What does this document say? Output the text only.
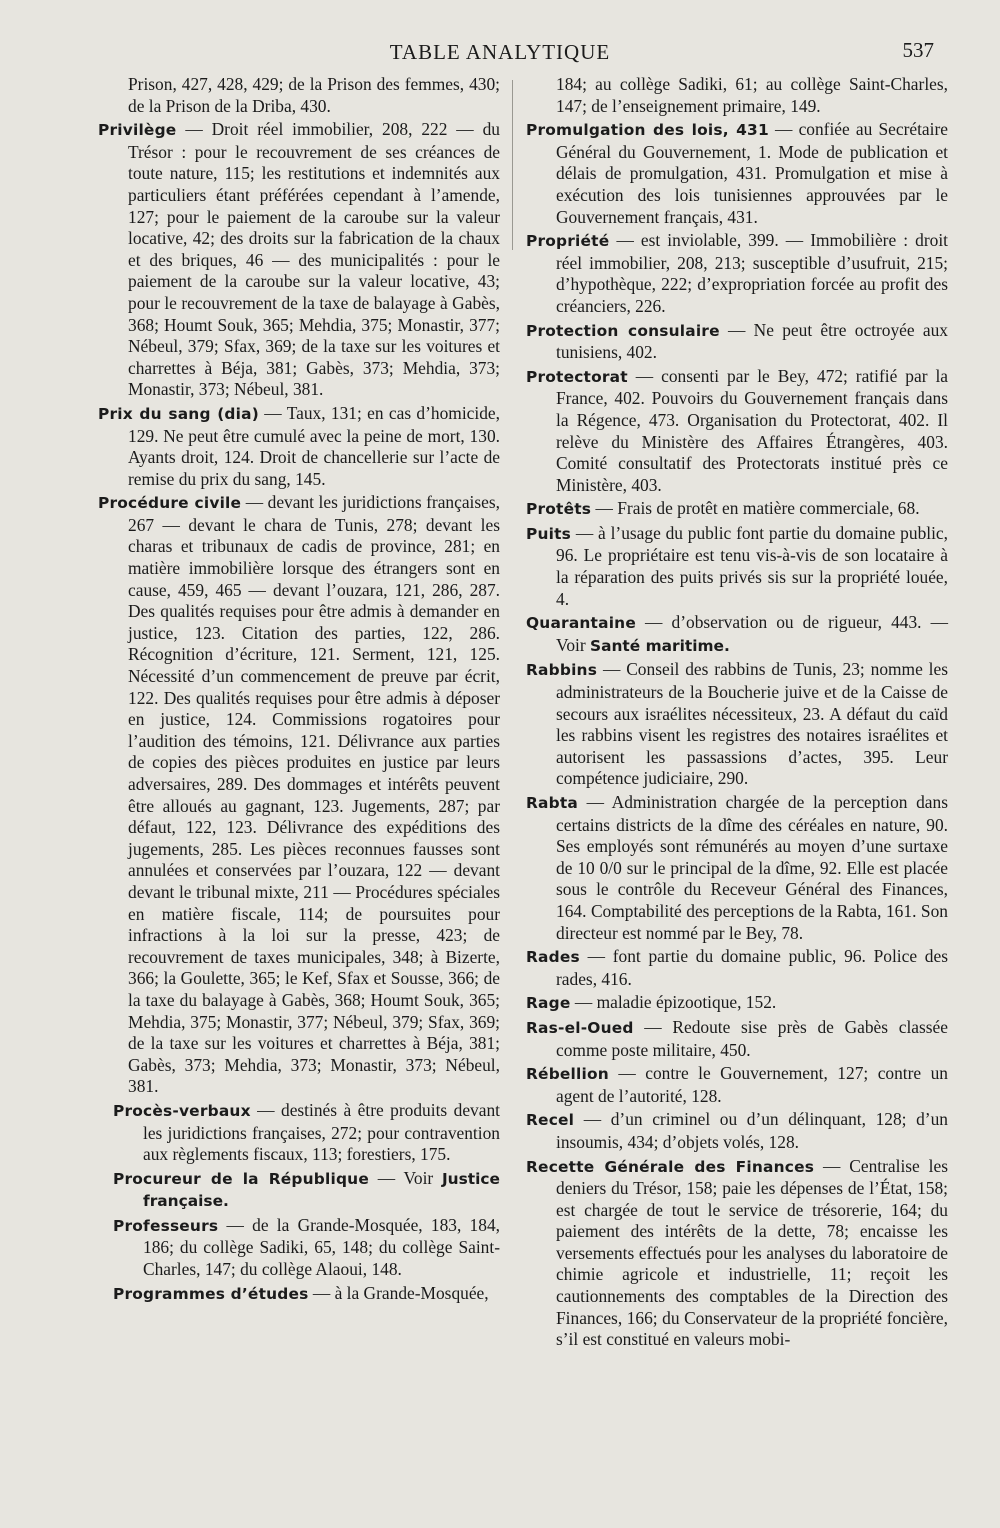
TABLE ANALYTIQUE	537

Prison, 427, 428, 429; de la Prison des femmes, 430; de la Prison de la Driba, 430.

Privilège — Droit réel immobilier, 208, 222 — du Trésor : pour le recouvrement de ses créances de toute nature, 115; les restitutions et indemnités aux particuliers étant préférées cependant à l’amende, 127; pour le paiement de la caroube sur la valeur locative, 42; des droits sur la fabrication de la chaux et des briques, 46 — des municipalités : pour le paiement de la caroube sur la valeur locative, 43; pour le recouvrement de la taxe de balayage à Gabès, 368; Houmt Souk, 365; Mehdia, 375; Monastir, 377; Nébeul, 379; Sfax, 369; de la taxe sur les voitures et charrettes à Béja, 381; Gabès, 373; Mehdia, 373; Monastir, 373; Nébeul, 381.

Prix du sang (dia) — Taux, 131; en cas d’homicide, 129. Ne peut être cumulé avec la peine de mort, 130. Ayants droit, 124. Droit de chancellerie sur l’acte de remise du prix du sang, 145.

Procédure civile — devant les juridictions françaises, 267 — devant le chara de Tunis, 278; devant les charas et tribunaux de cadis de province, 281; en matière immobilière lorsque des étrangers sont en cause, 459, 465 — devant l’ouzara, 121, 286, 287. Des qualités requises pour être admis à demander en justice, 123. Citation des parties, 122, 286. Récognition d’écriture, 121. Serment, 121, 125. Nécessité d’un commencement de preuve par écrit, 122. Des qualités requises pour être admis à déposer en justice, 124. Commissions rogatoires pour l’audition des témoins, 121. Délivrance aux parties de copies des pièces produites en justice par leurs adversaires, 289. Des dommages et intérêts peuvent être alloués au gagnant, 123. Jugements, 287; par défaut, 122, 123. Délivrance des expéditions des jugements, 285. Les pièces reconnues fausses sont annulées et conservées par l’ouzara, 122 — devant devant le tribunal mixte, 211 — Procédures spéciales en matière fiscale, 114; de poursuites pour infractions à la loi sur la presse, 423; de recouvrement de taxes municipales, 348; à Bizerte, 366; la Goulette, 365; le Kef, Sfax et Sousse, 366; de la taxe du balayage à Gabès, 368; Houmt Souk, 365; Mehdia, 375; Monastir, 377; Nébeul, 379; Sfax, 369; de la taxe sur les voitures et charrettes à Béja, 381; Gabès, 373; Mehdia, 373; Monastir, 373; Nébeul, 381.

Procès-verbaux — destinés à être produits devant les juridictions françaises, 272; pour contravention aux règlements fiscaux, 113; forestiers, 175.

Procureur de la République — Voir Justice française.

Professeurs — de la Grande-Mosquée, 183, 184, 186; du collège Sadiki, 65, 148; du collège Saint-Charles, 147; du collège Alaoui, 148.

Programmes d’études — à la Grande-Mosquée,

184; au collège Sadiki, 61; au collège Saint-Charles, 147; de l’enseignement primaire, 149.

Promulgation des lois, 431 — confiée au Secrétaire Général du Gouvernement, 1. Mode de publication et délais de promulgation, 431. Promulgation et mise à exécution des lois tunisiennes approuvées par le Gouvernement français, 431.

Propriété — est inviolable, 399. — Immobilière : droit réel immobilier, 208, 213; susceptible d’usufruit, 215; d’hypothèque, 222; d’expropriation forcée au profit des créanciers, 226.

Protection consulaire — Ne peut être octroyée aux tunisiens, 402.

Protectorat — consenti par le Bey, 472; ratifié par la France, 402. Pouvoirs du Gouvernement français dans la Régence, 473. Organisation du Protectorat, 402. Il relève du Ministère des Affaires Étrangères, 403. Comité consultatif des Protectorats institué près ce Ministère, 403.

Protêts — Frais de protêt en matière commerciale, 68.

Puits — à l’usage du public font partie du domaine public, 96. Le propriétaire est tenu vis-à-vis de son locataire à la réparation des puits privés sis sur la propriété louée, 4.

Quarantaine — d’observation ou de rigueur, 443. — Voir Santé maritime.

Rabbins — Conseil des rabbins de Tunis, 23; nomme les administrateurs de la Boucherie juive et de la Caisse de secours aux israélites nécessiteux, 23. A défaut du caïd les rabbins visent les registres des notaires israélites et autorisent les passassions d’actes, 395. Leur compétence judiciaire, 290.

Rabta — Administration chargée de la perception dans certains districts de la dîme des céréales en nature, 90. Ses employés sont rémunérés au moyen d’une surtaxe de 10 0/0 sur le principal de la dîme, 92. Elle est placée sous le contrôle du Receveur Général des Finances, 164. Comptabilité des perceptions de la Rabta, 161. Son directeur est nommé par le Bey, 78.

Rades — font partie du domaine public, 96. Police des rades, 416.

Rage — maladie épizootique, 152.

Ras-el-Oued — Redoute sise près de Gabès classée comme poste militaire, 450.

Rébellion — contre le Gouvernement, 127; contre un agent de l’autorité, 128.

Recel — d’un criminel ou d’un délinquant, 128; d’un insoumis, 434; d’objets volés, 128.

Recette Générale des Finances — Centralise les deniers du Trésor, 158; paie les dépenses de l’État, 158; est chargée de tout le service de trésorerie, 164; du paiement des intérêts de la dette, 78; encaisse les versements effectués pour les analyses du laboratoire de chimie agricole et industrielle, 11; reçoit les cautionnements des comptables de la Direction des Finances, 166; du Conservateur de la propriété foncière, s’il est constitué en valeurs mobi-
